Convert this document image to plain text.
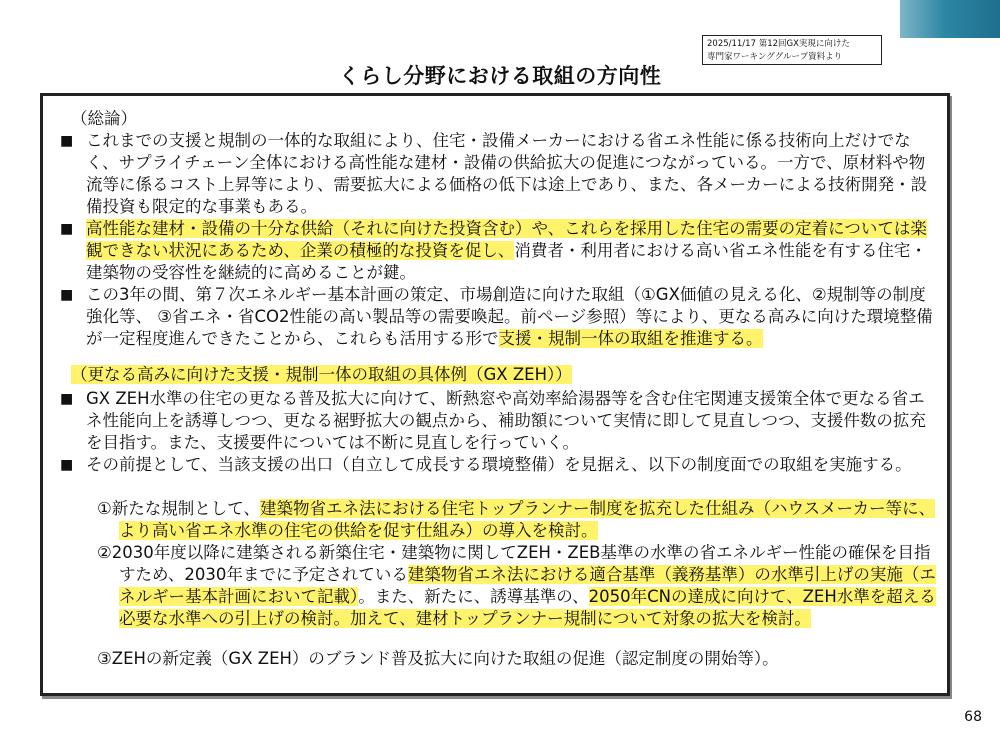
2025/11/17 第12回GX実現に向けた
専門家ワーキンググループ資料より
くらし分野における取組の方向性
（総論）
■ これまでの支援と規制の一体的な取組により、住宅・設備メーカーにおける省エネ性能に係る技術向上だけでなく、サプライチェーン全体における高性能な建材・設備の供給拡大の促進につながっている。一方で、原材料や物流等に係るコスト上昇等により、需要拡大による価格の低下は途上であり、また、各メーカーによる技術開発・設備投資も限定的な事業もある。
■ 高性能な建材・設備の十分な供給（それに向けた投資含む）や、これらを採用した住宅の需要の定着については楽観できない状況にあるため、企業の積極的な投資を促し、消費者・利用者における高い省エネ性能を有する住宅・建築物の受容性を継続的に高めることが鍵。
■ この3年の間、第７次エネルギー基本計画の策定、市場創造に向けた取組（①GX価値の見える化、②規制等の制度強化等、 ③省エネ・省CO2性能の高い製品等の需要喚起。前ページ参照）等により、更なる高みに向けた環境整備が一定程度進んできたことから、これらも活用する形で支援・規制一体の取組を推進する。
（更なる高みに向けた支援・規制一体の取組の具体例（GX ZEH））
■ GX ZEH水準の住宅の更なる普及拡大に向けて、断熱窓や高効率給湯器等を含む住宅関連支援策全体で更なる省エネ性能向上を誘導しつつ、更なる裾野拡大の観点から、補助額について実情に即して見直しつつ、支援件数の拡充を目指す。また、支援要件については不断に見直しを行っていく。
■ その前提として、当該支援の出口（自立して成長する環境整備）を見据え、以下の制度面での取組を実施する。
①新たな規制として、建築物省エネ法における住宅トップランナー制度を拡充した仕組み（ハウスメーカー等に、より高い省エネ水準の住宅の供給を促す仕組み）の導入を検討。
②2030年度以降に建築される新築住宅・建築物に関してZEH・ZEB基準の水準の省エネルギー性能の確保を目指すため、2030年までに予定されている建築物省エネ法における適合基準（義務基準）の水準引上げの実施（エネルギー基本計画において記載）。また、新たに、誘導基準の、2050年CNの達成に向けて、ZEH水準を超える必要な水準への引上げの検討。加えて、建材トップランナー規制について対象の拡大を検討。
③ZEHの新定義（GX ZEH）のブランド普及拡大に向けた取組の促進（認定制度の開始等）。
68
